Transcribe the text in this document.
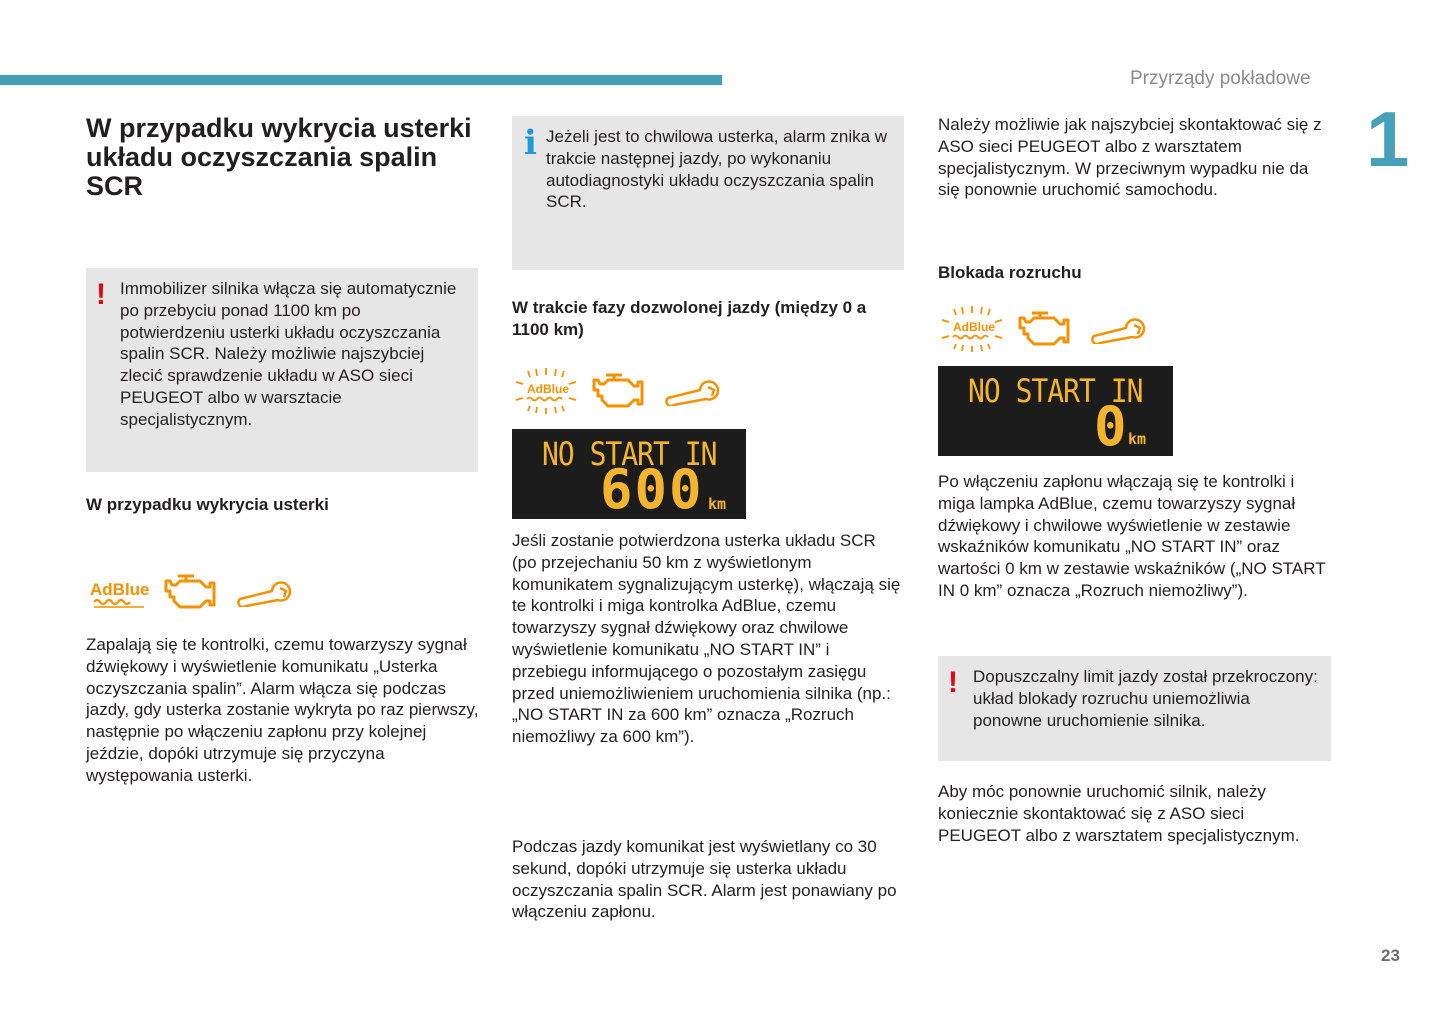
Przyrządy pokładowe
1
W przypadku wykrycia usterki układu oczyszczania spalin SCR
! Immobilizer silnika włącza się automatycznie po przebyciu ponad 1100 km po potwierdzeniu usterki układu oczyszczania spalin SCR. Należy możliwie najszybciej zlecić sprawdzenie układu w ASO sieci PEUGEOT albo w warsztacie specjalistycznym.
W przypadku wykrycia usterki
AdBlue
Zapalają się te kontrolki, czemu towarzyszy sygnał dźwiękowy i wyświetlenie komunikatu „Usterka oczyszczania spalin”. Alarm włącza się podczas jazdy, gdy usterka zostanie wykryta po raz pierwszy, następnie po włączeniu zapłonu przy kolejnej jeździe, dopóki utrzymuje się przyczyna występowania usterki.
i Jeżeli jest to chwilowa usterka, alarm znika w trakcie następnej jazdy, po wykonaniu autodiagnostyki układu oczyszczania spalin SCR.
W trakcie fazy dozwolonej jazdy (między 0 a 1100 km)
AdBlue
NO START IN
600 km
Jeśli zostanie potwierdzona usterka układu SCR (po przejechaniu 50 km z wyświetlonym komunikatem sygnalizującym usterkę), włączają się te kontrolki i miga kontrolka AdBlue, czemu towarzyszy sygnał dźwiękowy oraz chwilowe wyświetlenie komunikatu „NO START IN” i przebiegu informującego o pozostałym zasięgu przed uniemożliwieniem uruchomienia silnika (np.: „NO START IN za 600 km” oznacza „Rozruch niemożliwy za 600 km”).
Podczas jazdy komunikat jest wyświetlany co 30 sekund, dopóki utrzymuje się usterka układu oczyszczania spalin SCR. Alarm jest ponawiany po włączeniu zapłonu.
Należy możliwie jak najszybciej skontaktować się z ASO sieci PEUGEOT albo z warsztatem specjalistycznym. W przeciwnym wypadku nie da się ponownie uruchomić samochodu.
Blokada rozruchu
AdBlue
NO START IN
0 km
Po włączeniu zapłonu włączają się te kontrolki i miga lampka AdBlue, czemu towarzyszy sygnał dźwiękowy i chwilowe wyświetlenie w zestawie wskaźników komunikatu „NO START IN” oraz wartości 0 km w zestawie wskaźników („NO START IN 0 km” oznacza „Rozruch niemożliwy”).
! Dopuszczalny limit jazdy został przekroczony: układ blokady rozruchu uniemożliwia ponowne uruchomienie silnika.
Aby móc ponownie uruchomić silnik, należy koniecznie skontaktować się z ASO sieci PEUGEOT albo z warsztatem specjalistycznym.
23
